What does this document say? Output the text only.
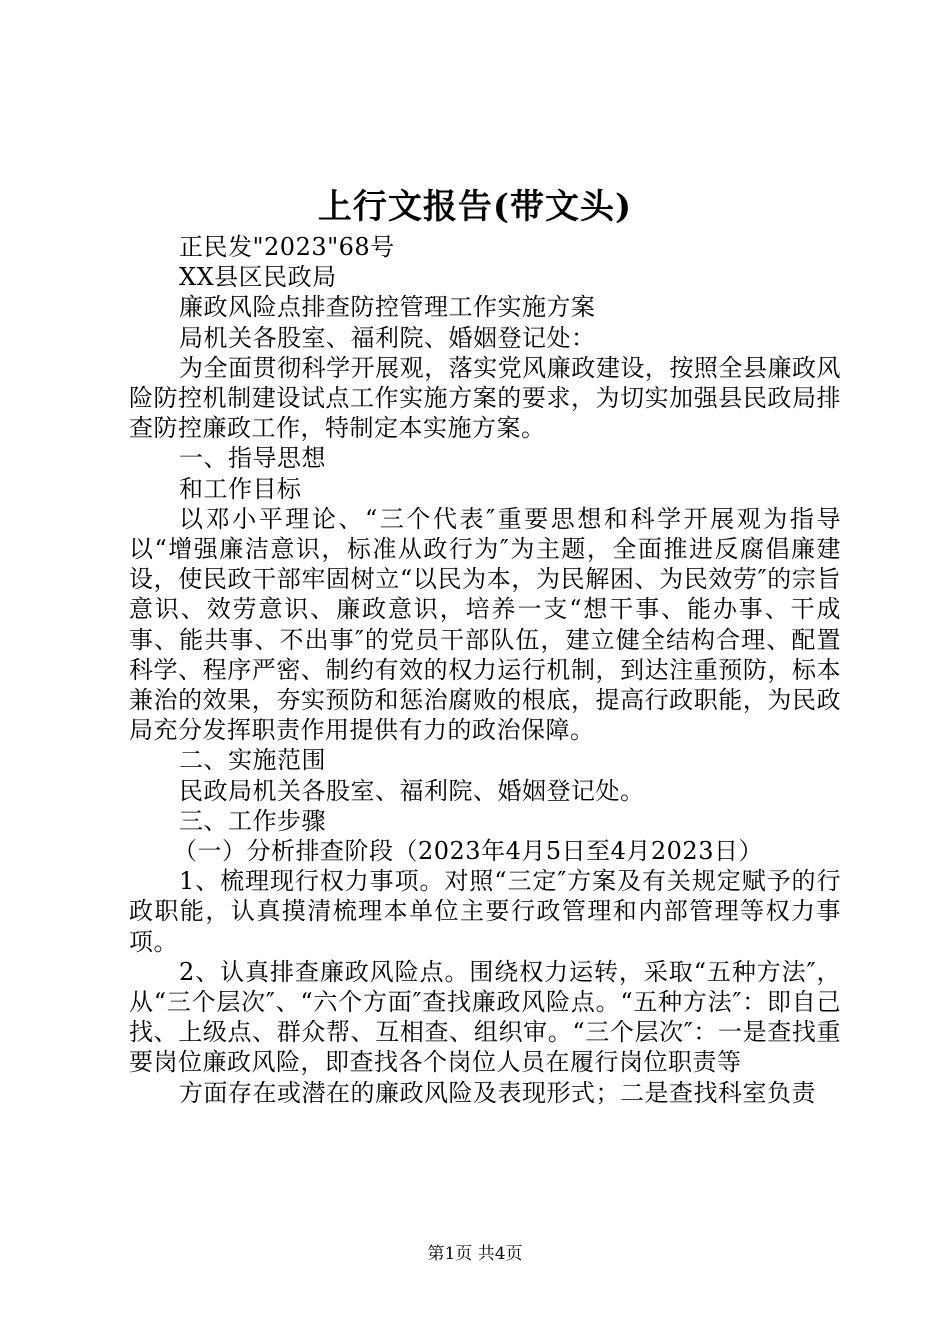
上行文报告(带文头)

正民发"2023"68号

XX县区民政局

廉政风险点排查防控管理工作实施方案

局机关各股室、福利院、婚姻登记处：

为全面贯彻科学开展观，落实党风廉政建设，按照全县廉政风险防控机制建设试点工作实施方案的要求，为切实加强县民政局排查防控廉政工作，特制定本实施方案。

一、指导思想

和工作目标

以邓小平理论、“三个代表″重要思想和科学开展观为指导以“增强廉洁意识，标准从政行为″为主题，全面推进反腐倡廉建设，使民政干部牢固树立“以民为本，为民解困、为民效劳″的宗旨意识、效劳意识、廉政意识，培养一支“想干事、能办事、干成事、能共事、不出事″的党员干部队伍，建立健全结构合理、配置科学、程序严密、制约有效的权力运行机制，到达注重预防，标本兼治的效果，夯实预防和惩治腐败的根底，提高行政职能，为民政局充分发挥职责作用提供有力的政治保障。

二、实施范围

民政局机关各股室、福利院、婚姻登记处。

三、工作步骤

（一）分析排查阶段（2023年4月5日至4月2023日）

1、梳理现行权力事项。对照“三定″方案及有关规定赋予的行政职能，认真摸清梳理本单位主要行政管理和内部管理等权力事项。

2、认真排查廉政风险点。围绕权力运转，采取“五种方法″，从“三个层次″、“六个方面″查找廉政风险点。“五种方法″：即自己找、上级点、群众帮、互相查、组织审。“三个层次″：一是查找重要岗位廉政风险，即查找各个岗位人员在履行岗位职责等

方面存在或潜在的廉政风险及表现形式；二是查找科室负责

第1页 共4页
